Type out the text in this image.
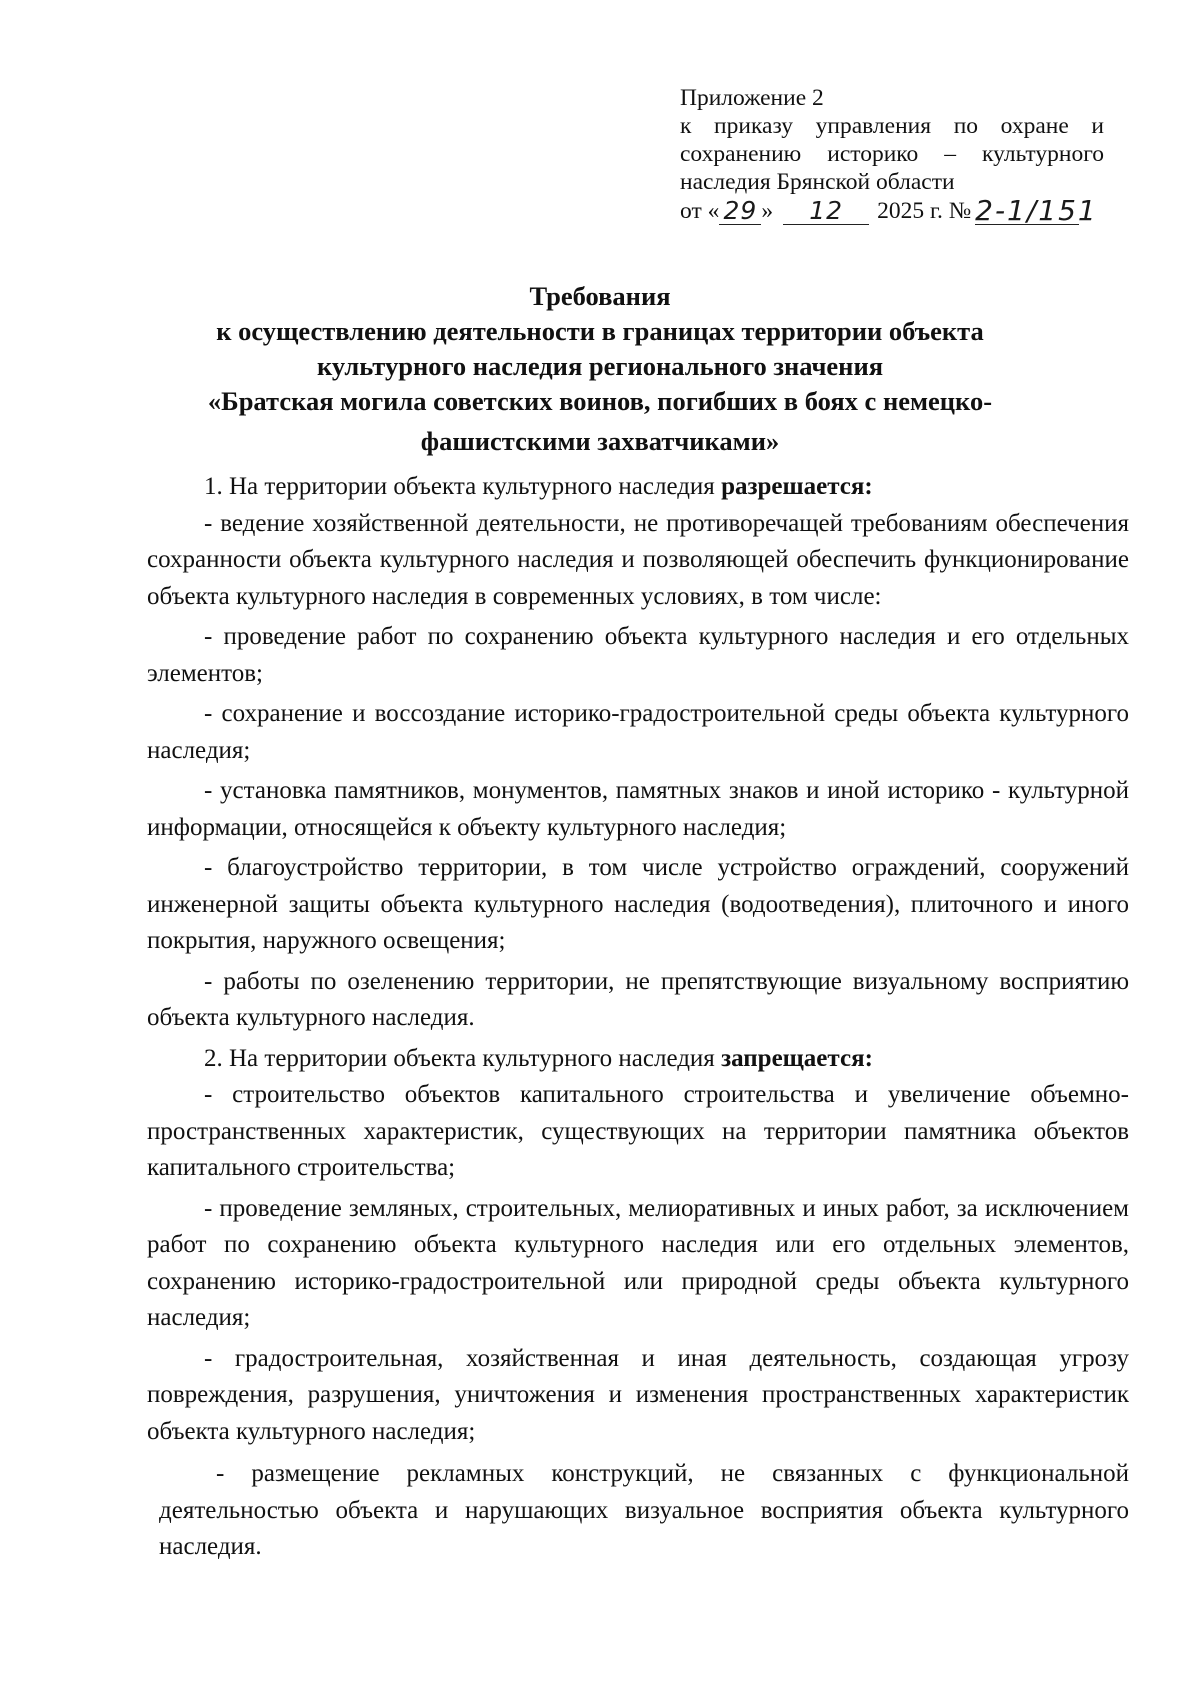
Приложение 2
к приказу управления по охране и
сохранению историко – культурного
наследия Брянской области
от « 29 »	12	2025 г. № 2-1/151
Требования
к осуществлению деятельности в границах территории объекта
культурного наследия регионального значения
«Братская могила советских воинов, погибших в боях с немецко-
фашистскими захватчиками»

1. На территории объекта культурного наследия разрешается:

- ведение хозяйственной деятельности, не противоречащей требованиям обеспечения сохранности объекта культурного наследия и позволяющей обеспечить функционирование объекта культурного наследия в современных условиях, в том числе:

- проведение работ по сохранению объекта культурного наследия и его отдельных элементов;

- сохранение и воссоздание историко-градостроительной среды объекта культурного наследия;

- установка памятников, монументов, памятных знаков и иной историко - культурной информации, относящейся к объекту культурного наследия;

- благоустройство территории, в том числе устройство ограждений, сооружений инженерной защиты объекта культурного наследия (водоотведения), плиточного и иного покрытия, наружного освещения;

- работы по озеленению территории, не препятствующие визуальному восприятию объекта культурного наследия.

2. На территории объекта культурного наследия запрещается:

- строительство объектов капитального строительства и увеличение объемно-пространственных характеристик, существующих на территории памятника объектов капитального строительства;

- проведение земляных, строительных, мелиоративных и иных работ, за исключением работ по сохранению объекта культурного наследия или его отдельных элементов, сохранению историко-градостроительной или природной среды объекта культурного наследия;

- градостроительная, хозяйственная и иная деятельность, создающая угрозу повреждения, разрушения, уничтожения и изменения пространственных характеристик объекта культурного наследия;

- размещение рекламных конструкций, не связанных с функциональной деятельностью объекта и нарушающих визуальное восприятия объекта культурного наследия.
